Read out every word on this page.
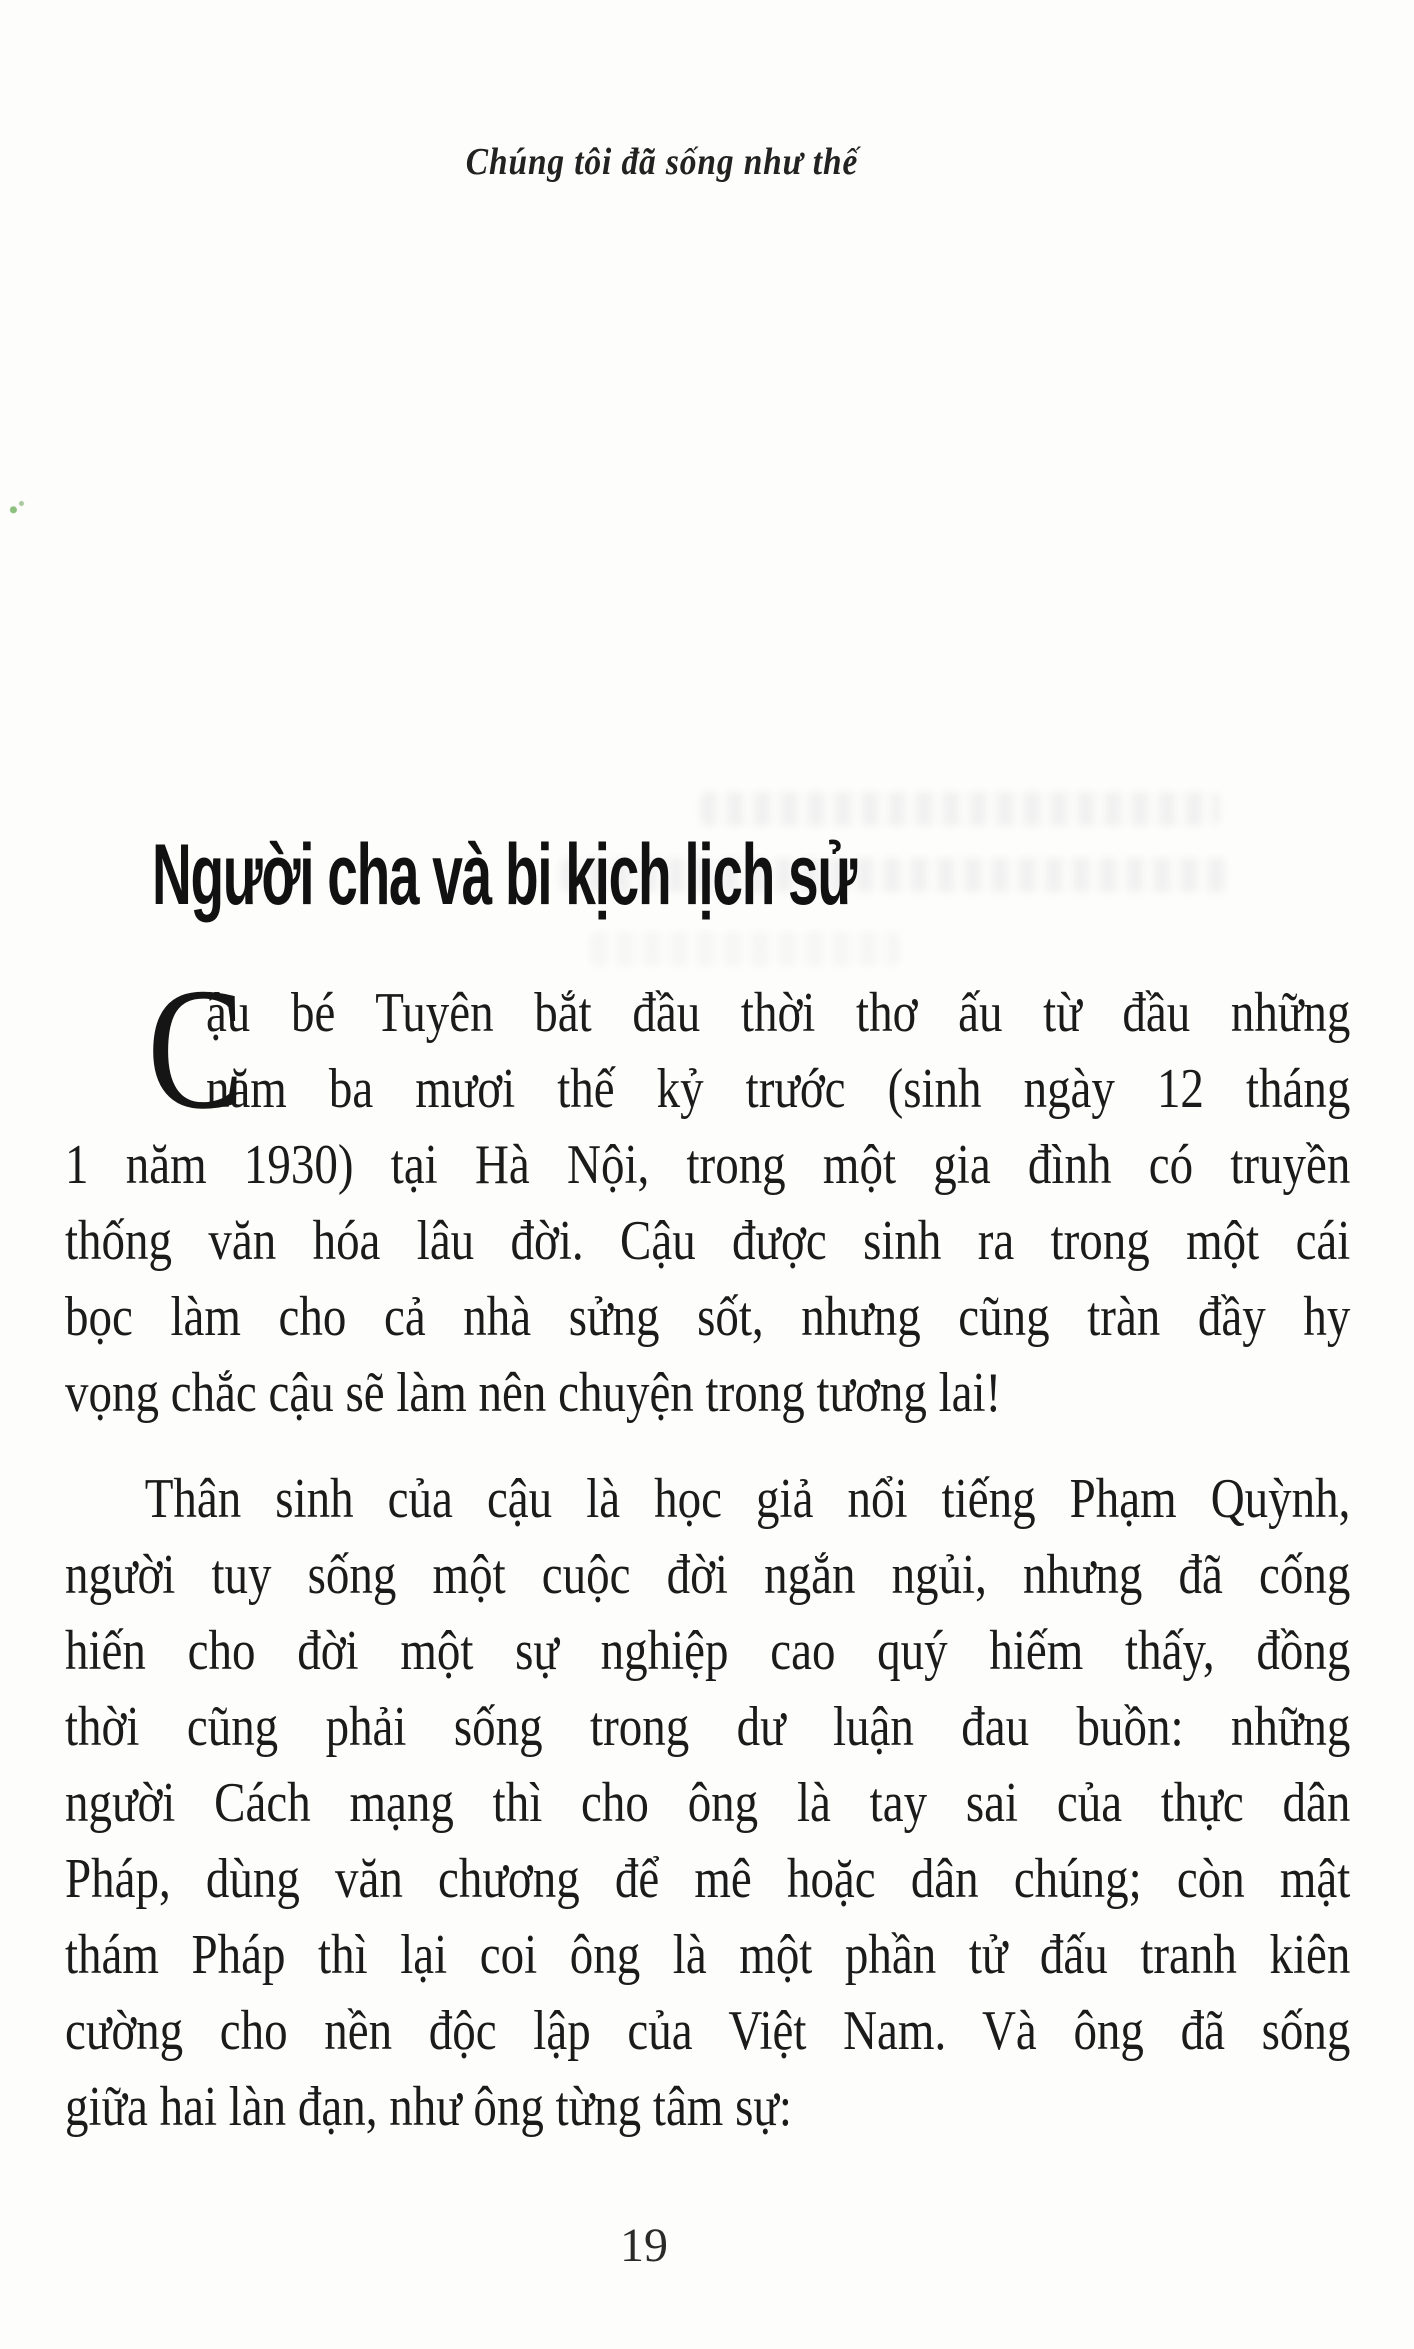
Chúng tôi đã sống như thế
Người cha và bi kịch lịch sử
C
ậu bé Tuyên bắt đầu thời thơ ấu từ đầu những
năm ba mươi thế kỷ trước (sinh ngày 12 tháng
1 năm 1930) tại Hà Nội, trong một gia đình có truyền
thống văn hóa lâu đời. Cậu được sinh ra trong một cái
bọc làm cho cả nhà sửng sốt, nhưng cũng tràn đầy hy
vọng chắc cậu sẽ làm nên chuyện trong tương lai!
Thân sinh của cậu là học giả nổi tiếng Phạm Quỳnh,
người tuy sống một cuộc đời ngắn ngủi, nhưng đã cống
hiến cho đời một sự nghiệp cao quý hiếm thấy, đồng
thời cũng phải sống trong dư luận đau buồn: những
người Cách mạng thì cho ông là tay sai của thực dân
Pháp, dùng văn chương để mê hoặc dân chúng; còn mật
thám Pháp thì lại coi ông là một phần tử đấu tranh kiên
cường cho nền độc lập của Việt Nam. Và ông đã sống
giữa hai làn đạn, như ông từng tâm sự:
19
